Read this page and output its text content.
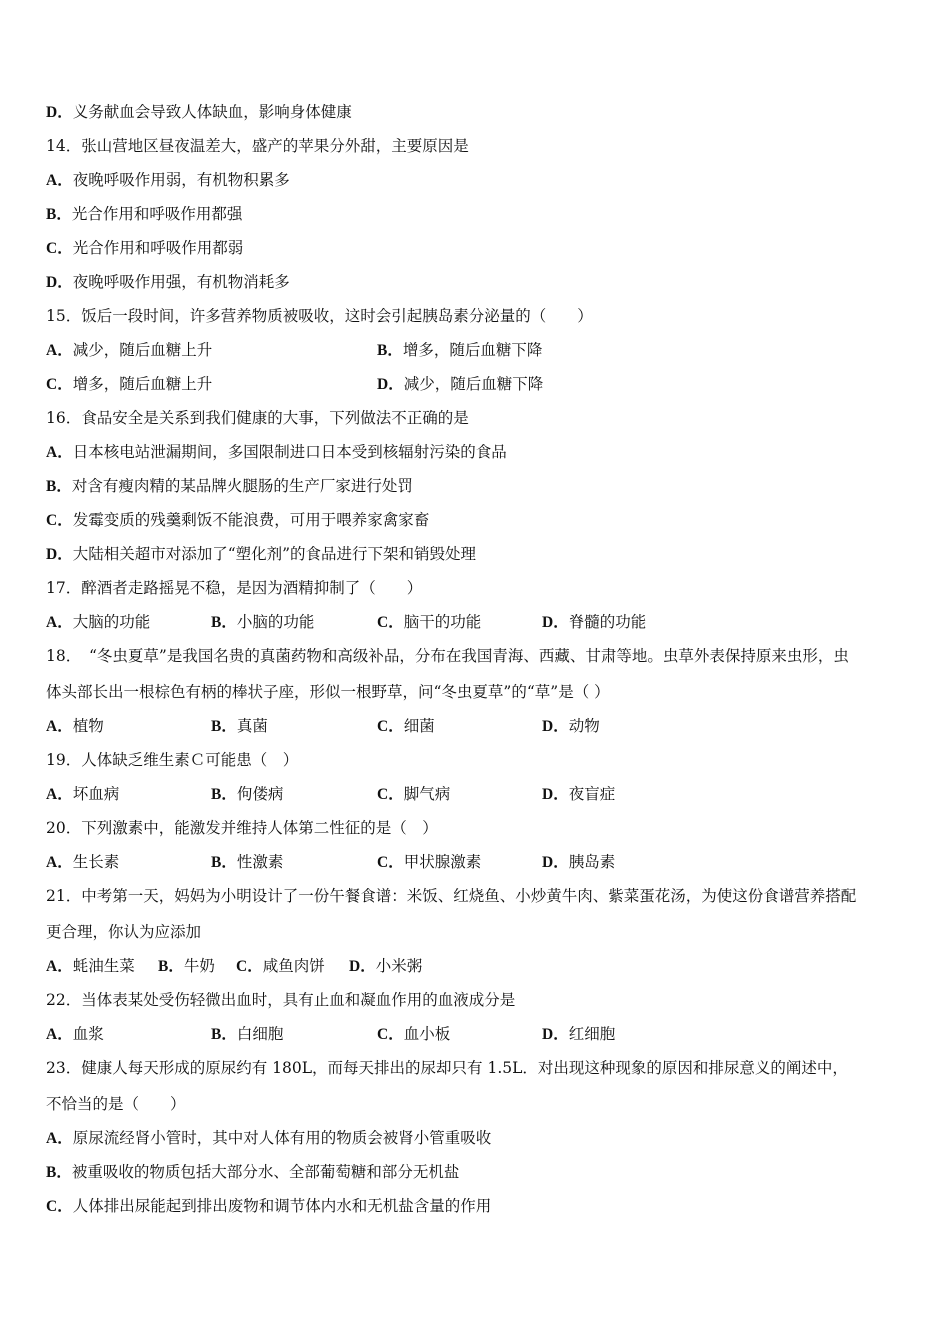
D．义务献血会导致人体缺血，影响身体健康
14．张山营地区昼夜温差大，盛产的苹果分外甜，主要原因是
A．夜晚呼吸作用弱，有机物积累多
B．光合作用和呼吸作用都强
C．光合作用和呼吸作用都弱
D．夜晚呼吸作用强，有机物消耗多
15．饭后一段时间，许多营养物质被吸收，这时会引起胰岛素分泌量的（　　）
A．减少，随后血糖上升	B．增多，随后血糖下降
C．增多，随后血糖上升	D．减少，随后血糖下降
16．食品安全是关系到我们健康的大事，下列做法不正确的是
A．日本核电站泄漏期间，多国限制进口日本受到核辐射污染的食品
B．对含有瘦肉精的某品牌火腿肠的生产厂家进行处罚
C．发霉变质的残羹剩饭不能浪费，可用于喂养家禽家畜
D．大陆相关超市对添加了“塑化剂”的食品进行下架和销毁处理
17．醉酒者走路摇晃不稳，是因为酒精抑制了（　　）
A．大脑的功能	B．小脑的功能	C．脑干的功能	D．脊髓的功能
18．　“冬虫夏草”是我国名贵的真菌药物和高级补品，分布在我国青海、西藏、甘肃等地。虫草外表保持原来虫形，虫
体头部长出一根棕色有柄的棒状子座，形似一根野草，问“冬虫夏草”的“草”是（ ）
A．植物	B．真菌	C．细菌	D．动物
19．人体缺乏维生素Ｃ可能患（　）
A．坏血病	B．佝偻病	C．脚气病	D．夜盲症
20．下列激素中，能激发并维持人体第二性征的是（　）
A．生长素	B．性激素	C．甲状腺激素	D．胰岛素
21．中考第一天，妈妈为小明设计了一份午餐食谱：米饭、红烧鱼、小炒黄牛肉、紫菜蛋花汤，为使这份食谱营养搭配
更合理，你认为应添加
A．蚝油生菜 B．牛奶 C．咸鱼肉饼 D．小米粥
22．当体表某处受伤轻微出血时，具有止血和凝血作用的血液成分是
A．血浆	B．白细胞	C．血小板	D．红细胞
23．健康人每天形成的原尿约有 180L，而每天排出的尿却只有 1.5L．对出现这种现象的原因和排尿意义的阐述中，
不恰当的是（　　）
A．原尿流经肾小管时，其中对人体有用的物质会被肾小管重吸收
B．被重吸收的物质包括大部分水、全部葡萄糖和部分无机盐
C．人体排出尿能起到排出废物和调节体内水和无机盐含量的作用
